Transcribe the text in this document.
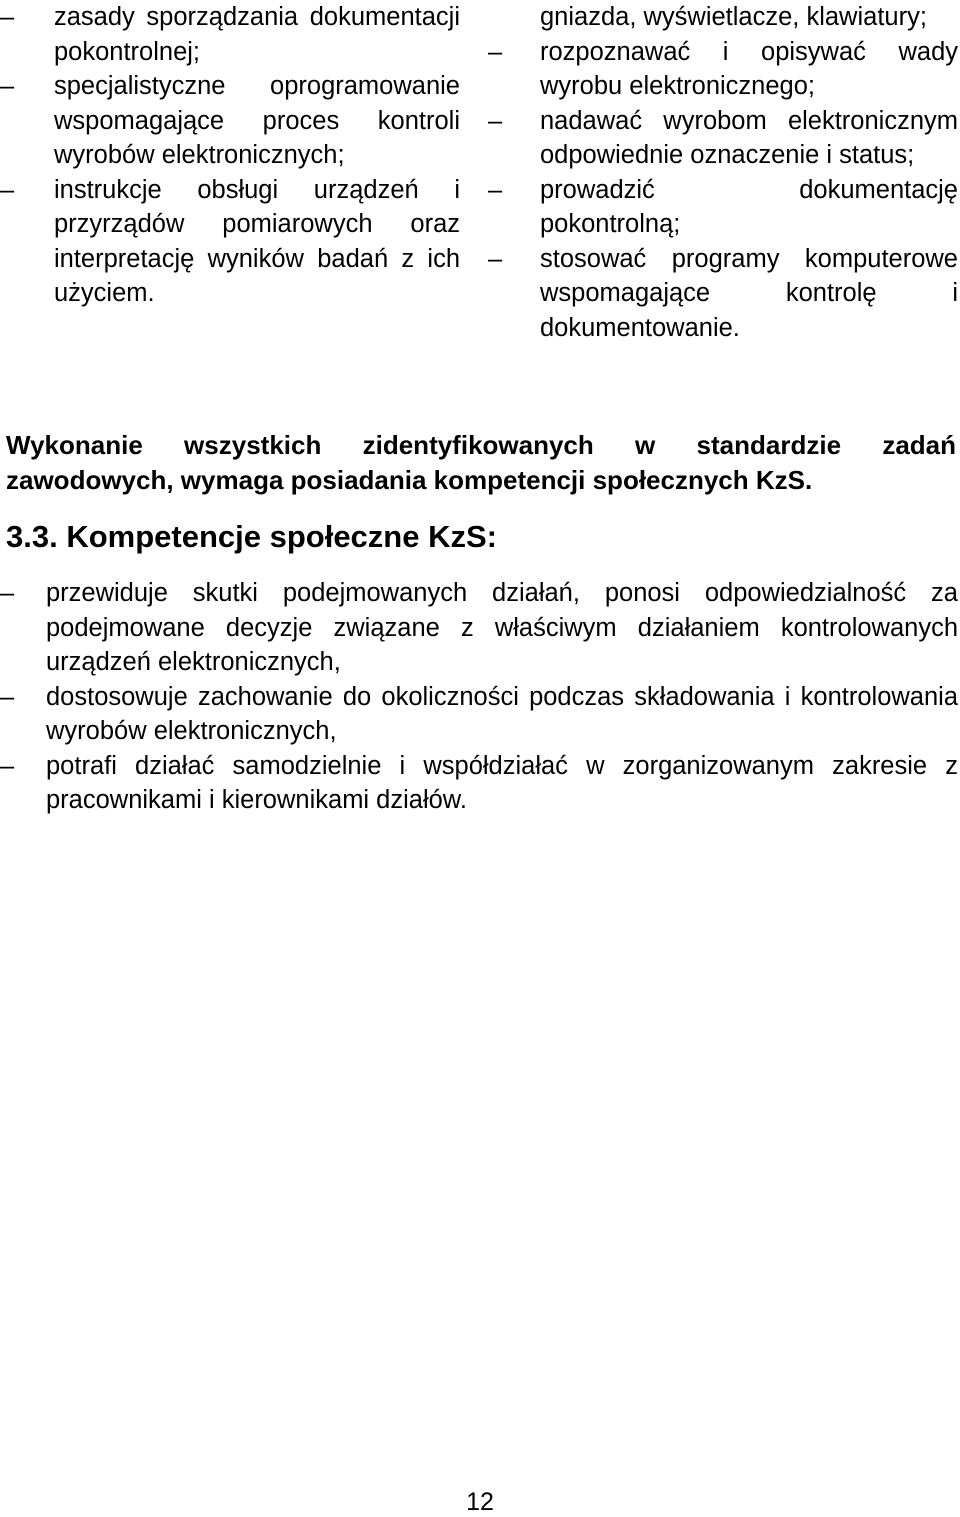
–	zasady sporządzania dokumentacji pokontrolnej;
–	specjalistyczne oprogramowanie wspomagające proces kontroli wyrobów elektronicznych;
–	instrukcje obsługi urządzeń i przyrządów pomiarowych oraz interpretację wyników badań z ich użyciem.
gniazda, wyświetlacze, klawiatury;
–	rozpoznawać i opisywać wady wyrobu elektronicznego;
–	nadawać wyrobom elektronicznym odpowiednie oznaczenie i status;
–	prowadzić dokumentację pokontrolną;
–	stosować programy komputerowe wspomagające kontrolę i dokumentowanie.
Wykonanie wszystkich zidentyfikowanych w standardzie zadań zawodowych, wymaga posiadania kompetencji społecznych KzS.
3.3. Kompetencje społeczne KzS:
–	przewiduje skutki podejmowanych działań, ponosi odpowiedzialność za podejmowane decyzje związane z właściwym działaniem kontrolowanych urządzeń elektronicznych,
–	dostosowuje zachowanie do okoliczności podczas składowania i kontrolowania wyrobów elektronicznych,
–	potrafi działać samodzielnie i współdziałać w zorganizowanym zakresie z pracownikami i kierownikami działów.
12
